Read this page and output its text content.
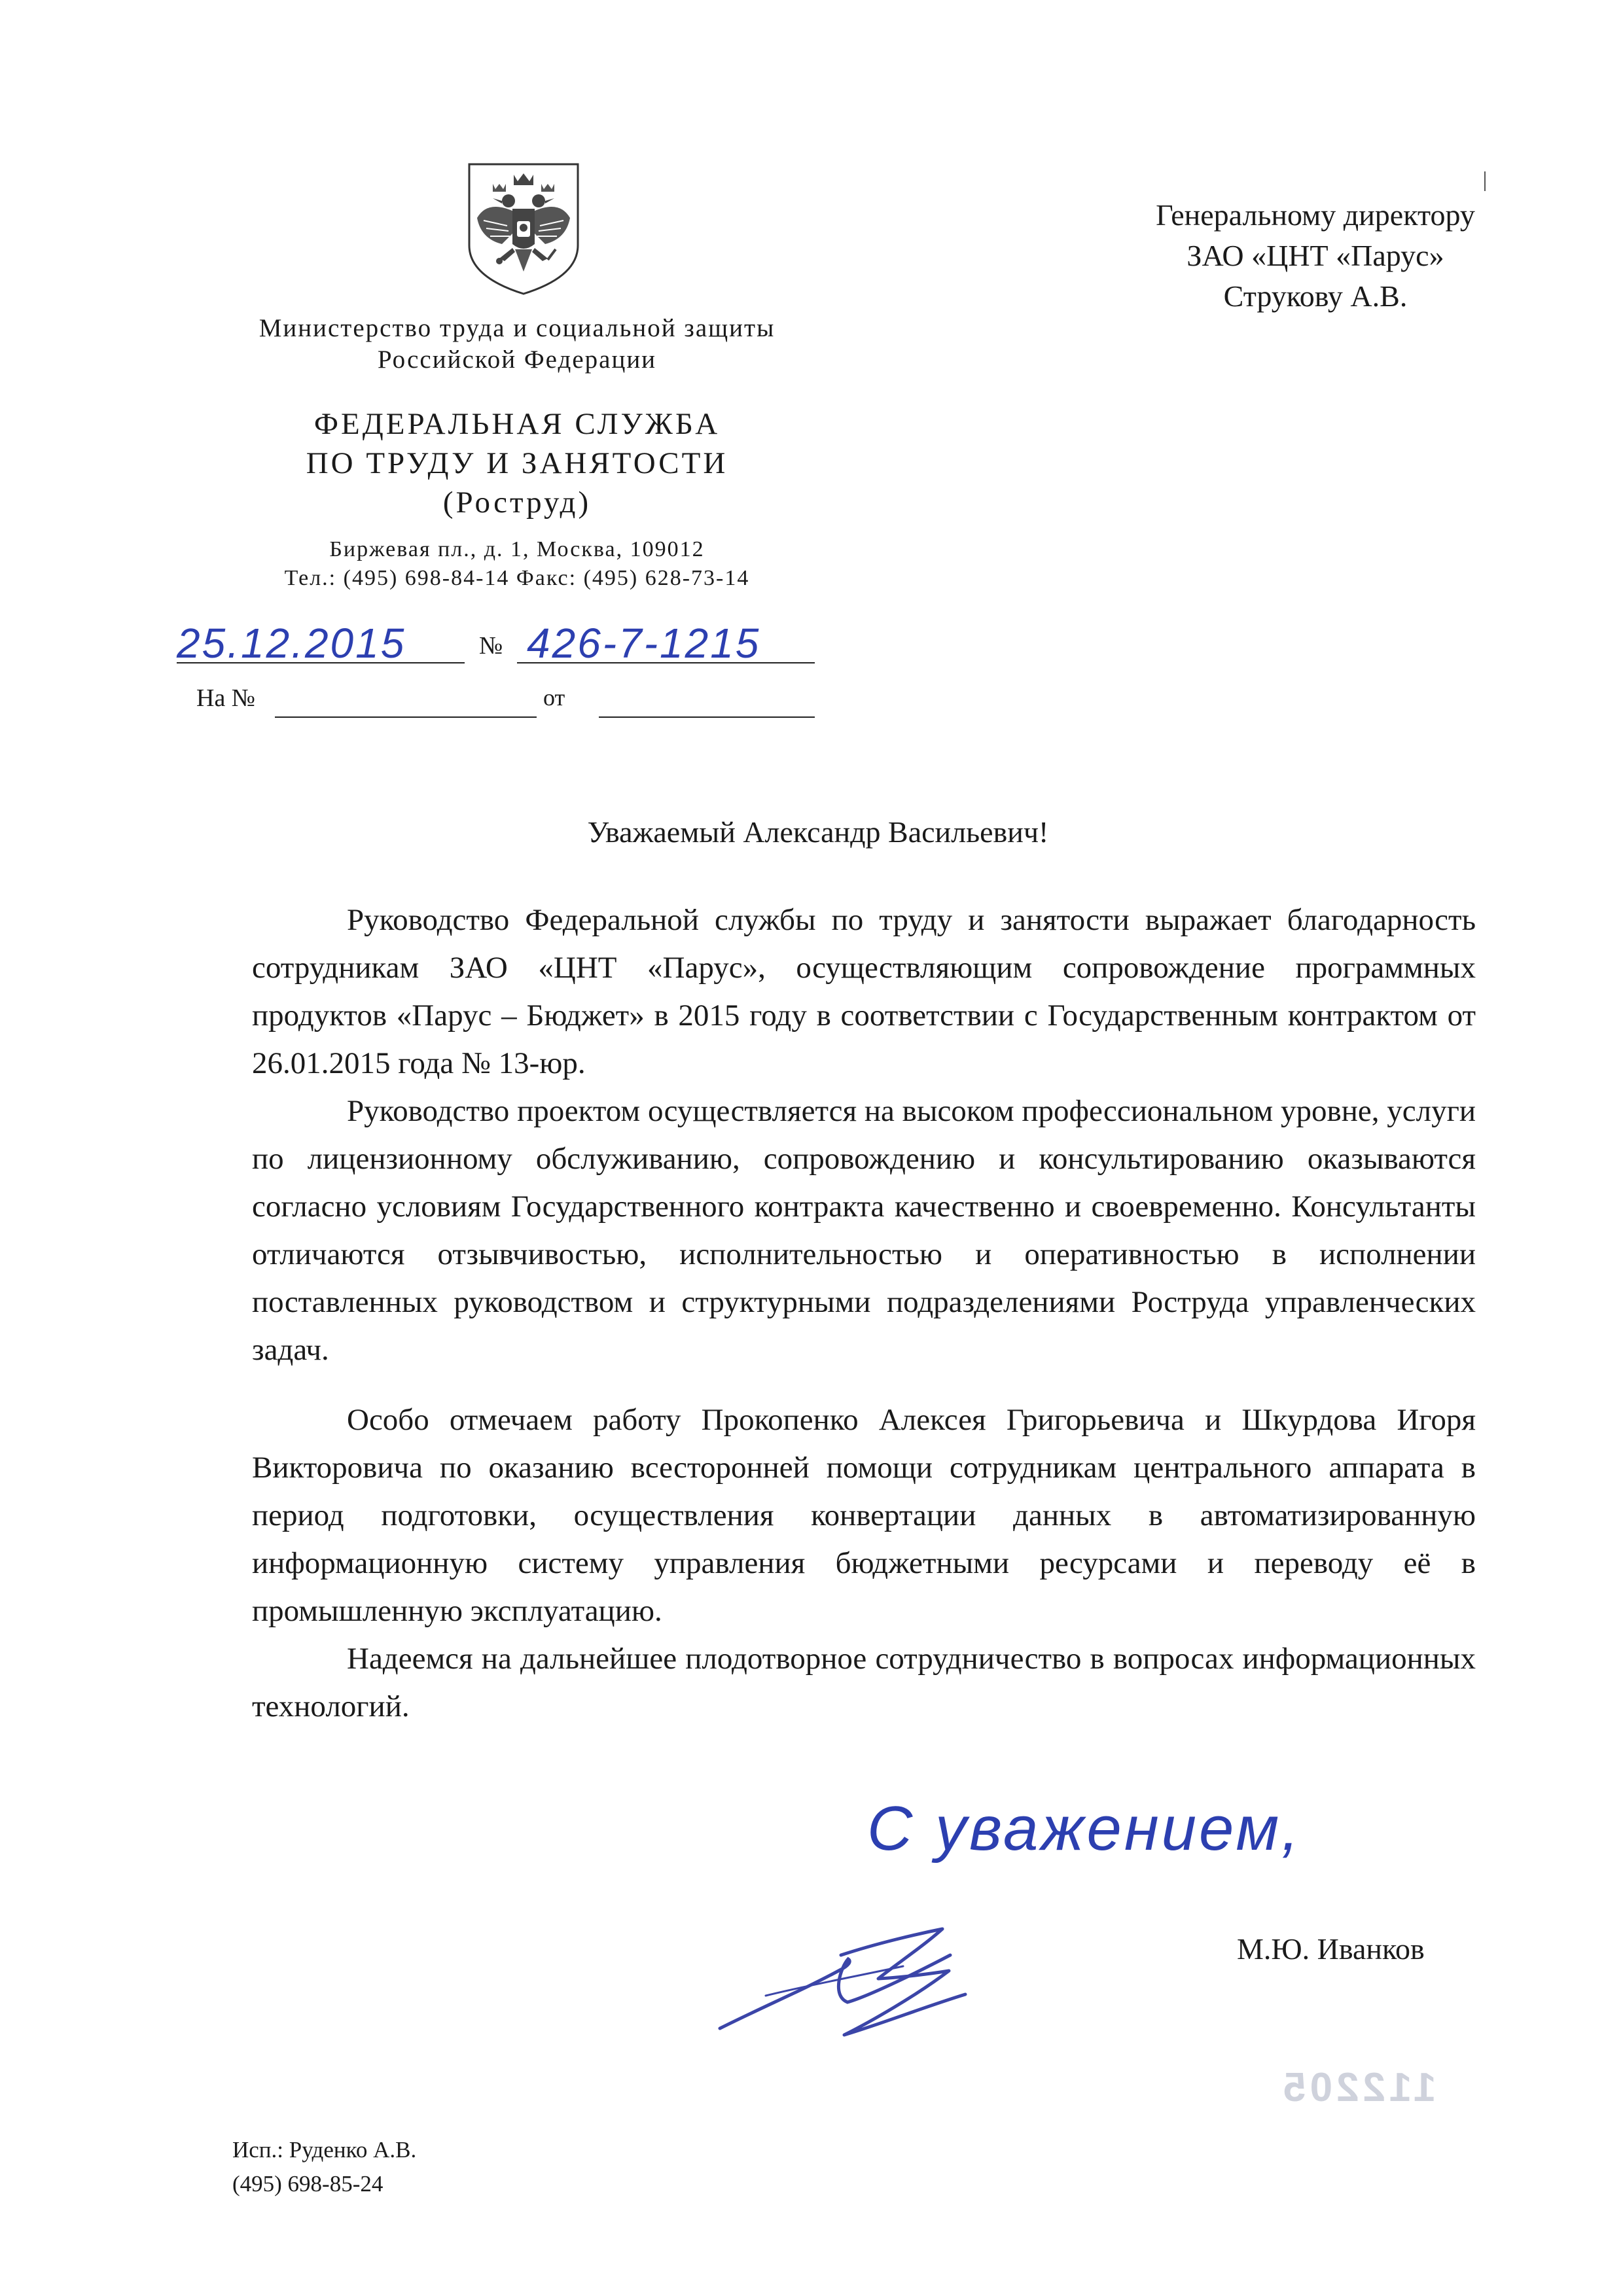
Министерство труда и социальной защиты
Российской Федерации
ФЕДЕРАЛЬНАЯ СЛУЖБА
ПО ТРУДУ И ЗАНЯТОСТИ
(Роструд)
Биржевая пл., д. 1, Москва, 109012
Тел.: (495) 698-84-14 Факс: (495) 628-73-14
25.12.2015	№ 426-7-1215
На №	от
Генеральному директору
ЗАО «ЦНТ «Парус»
Струкову А.В.
Уважаемый Александр Васильевич!

Руководство Федеральной службы по труду и занятости выражает благодарность сотрудникам ЗАО «ЦНТ «Парус», осуществляющим сопровождение программных продуктов «Парус – Бюджет» в 2015 году в соответствии с Государственным контрактом от 26.01.2015 года № 13-юр.

Руководство проектом осуществляется на высоком профессиональном уровне, услуги по лицензионному обслуживанию, сопровождению и консультированию оказываются согласно условиям Государственного контракта качественно и своевременно. Консультанты отличаются отзывчивостью, исполнительностью и оперативностью в исполнении поставленных руководством и структурными подразделениями Роструда управленческих задач.

Особо отмечаем работу Прокопенко Алексея Григорьевича и Шкурдова Игоря Викторовича по оказанию всесторонней помощи сотрудникам центрального аппарата в период подготовки, осуществления конвертации данных в автоматизированную информационную систему управления бюджетными ресурсами и переводу её в промышленную эксплуатацию.

Надеемся на дальнейшее плодотворное сотрудничество в вопросах информационных технологий.

С уважением,
М.Ю. Иванков
112205
Исп.: Руденко А.В.
(495) 698-85-24
